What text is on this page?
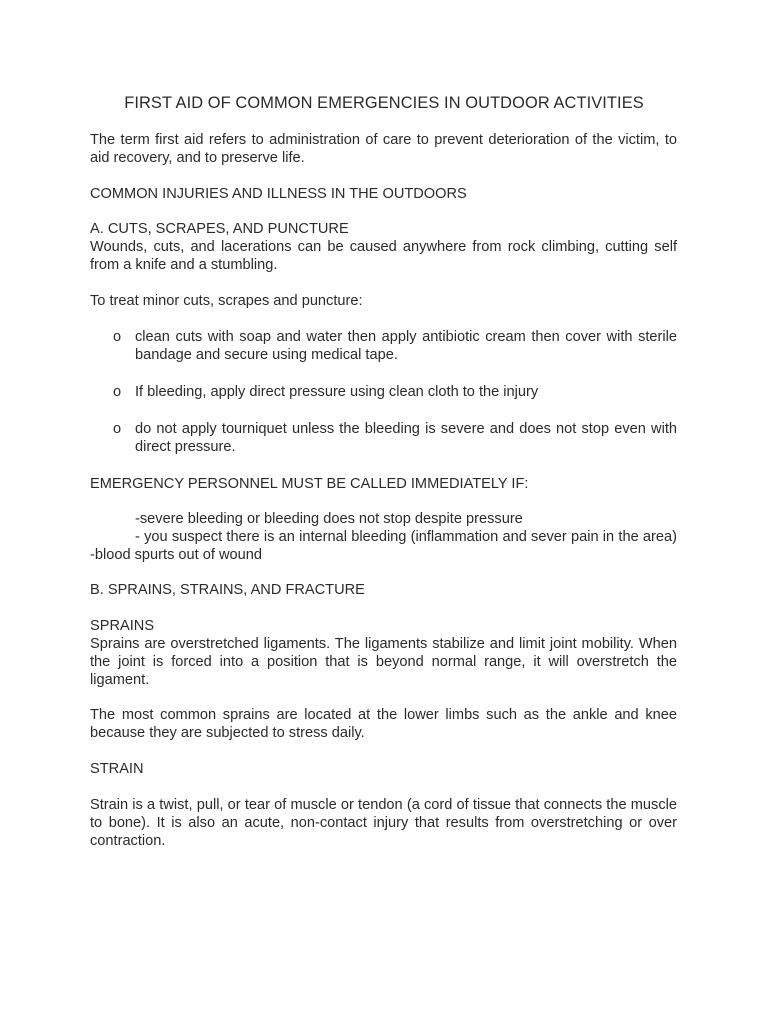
FIRST AID OF COMMON EMERGENCIES IN OUTDOOR ACTIVITIES

The term first aid refers to administration of care to prevent deterioration of the victim, to aid recovery, and to preserve life.

COMMON INJURIES AND ILLNESS IN THE OUTDOORS

A. CUTS, SCRAPES, AND PUNCTURE

Wounds, cuts, and lacerations can be caused anywhere from rock climbing, cutting self from a knife and a stumbling.

To treat minor cuts, scrapes and puncture:

o clean cuts with soap and water then apply antibiotic cream then cover with sterile bandage and secure using medical tape.
o If bleeding, apply direct pressure using clean cloth to the injury
o do not apply tourniquet unless the bleeding is severe and does not stop even with direct pressure.

EMERGENCY PERSONNEL MUST BE CALLED IMMEDIATELY IF:

-severe bleeding or bleeding does not stop despite pressure

- you suspect there is an internal bleeding (inflammation and sever pain in the area) -blood spurts out of wound

B. SPRAINS, STRAINS, AND FRACTURE

SPRAINS

Sprains are overstretched ligaments. The ligaments stabilize and limit joint mobility. When the joint is forced into a position that is beyond normal range, it will overstretch the ligament.

The most common sprains are located at the lower limbs such as the ankle and knee because they are subjected to stress daily.

STRAIN

Strain is a twist, pull, or tear of muscle or tendon (a cord of tissue that connects the muscle to bone). It is also an acute, non-contact injury that results from overstretching or over contraction.
